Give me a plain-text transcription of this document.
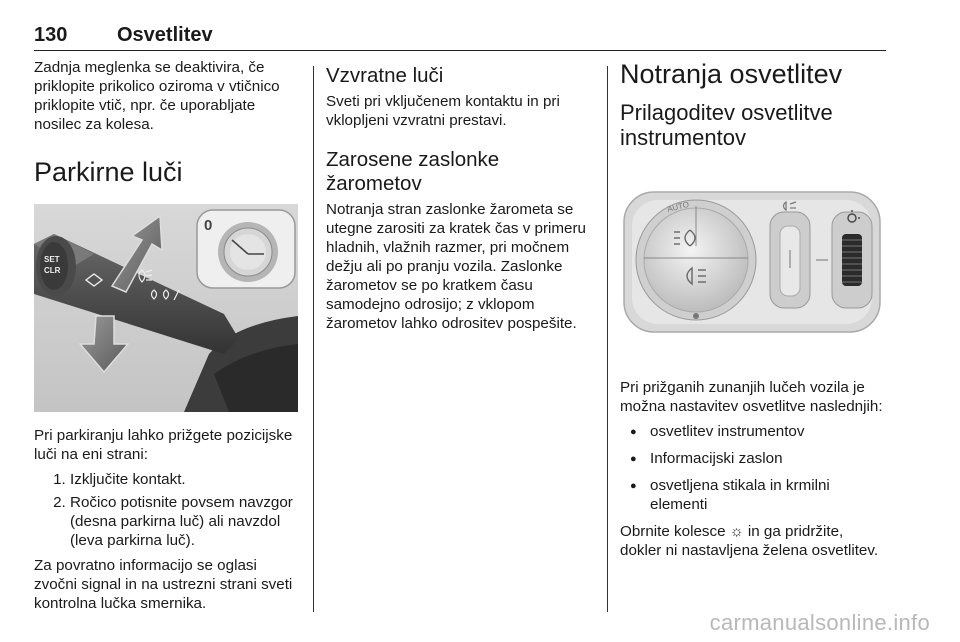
130 Osvetlitev

Zadnja meglenka se deaktivira, če priklopite prikolico oziroma v vtičnico priklopite vtič, npr. če uporabljate nosilec za kolesa.

Parkirne luči
SET
CLR
0

Pri parkiranju lahko prižgete pozicijske luči na eni strani:

1. Izključite kontakt.
2. Ročico potisnite povsem navzgor (desna parkirna luč) ali navzdol (leva parkirna luč).

Za povratno informacijo se oglasi zvočni signal in na ustrezni strani sveti kontrolna lučka smernika.

Vzvratne luči

Sveti pri vključenem kontaktu in pri vklopljeni vzvratni prestavi.

Zarosene zaslonke žarometov

Notranja stran zaslonke žarometa se utegne zarositi za kratek čas v primeru hladnih, vlažnih razmer, pri močnem dežju ali po pranju vozila. Zaslonke žarometov se po kratkem času samodejno odrosijo; z vklopom žarometov lahko odrositev pospešite.

Notranja osvetlitev
Prilagoditev osvetlitve instrumentov
AUTO

Pri prižganih zunanjih lučeh vozila je možna nastavitev osvetlitve naslednjih:

● osvetlitev instrumentov
● Informacijski zaslon
● osvetljena stikala in krmilni elementi

Obrnite kolesce ☼ in ga pridržite, dokler ni nastavljena želena osvetlitev.

carmanualsonline.info
